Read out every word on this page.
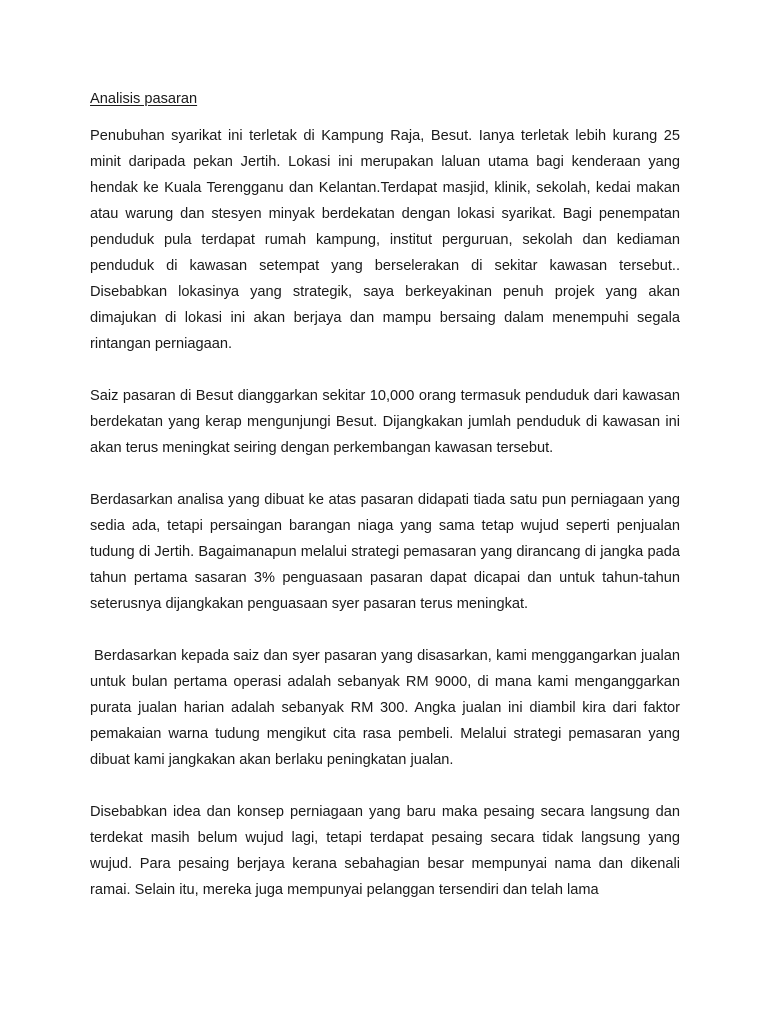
Analisis pasaran

Penubuhan syarikat ini terletak di Kampung Raja, Besut. Ianya terletak lebih kurang 25 minit daripada pekan Jertih. Lokasi ini merupakan laluan utama bagi kenderaan yang hendak ke Kuala Terengganu dan Kelantan.Terdapat masjid, klinik, sekolah, kedai makan atau warung dan stesyen minyak berdekatan dengan lokasi syarikat. Bagi penempatan penduduk pula terdapat rumah kampung, institut perguruan, sekolah dan kediaman penduduk di kawasan setempat yang berselerakan di sekitar kawasan tersebut.. Disebabkan lokasinya yang strategik, saya berkeyakinan penuh projek yang akan dimajukan di lokasi ini akan berjaya dan mampu bersaing dalam menempuhi segala rintangan perniagaan.

Saiz pasaran di Besut dianggarkan sekitar 10,000 orang termasuk penduduk dari kawasan berdekatan yang kerap mengunjungi Besut. Dijangkakan jumlah penduduk di kawasan ini akan terus meningkat seiring dengan perkembangan kawasan tersebut.

Berdasarkan analisa yang dibuat ke atas pasaran didapati tiada satu pun perniagaan yang sedia ada, tetapi persaingan barangan niaga yang sama tetap wujud seperti penjualan tudung di Jertih. Bagaimanapun melalui strategi pemasaran yang dirancang di jangka pada tahun pertama sasaran 3% penguasaan pasaran dapat dicapai dan untuk tahun-tahun seterusnya dijangkakan penguasaan syer pasaran terus meningkat.

Berdasarkan kepada saiz dan syer pasaran yang disasarkan, kami menggangarkan jualan untuk bulan pertama operasi adalah sebanyak RM 9000, di mana kami menganggarkan purata jualan harian adalah sebanyak RM 300. Angka jualan ini diambil kira dari faktor pemakaian warna tudung mengikut cita rasa pembeli. Melalui strategi pemasaran yang dibuat kami jangkakan akan berlaku peningkatan jualan.

Disebabkan idea dan konsep perniagaan yang baru maka pesaing secara langsung dan terdekat masih belum wujud lagi, tetapi terdapat pesaing secara tidak langsung yang wujud. Para pesaing berjaya kerana sebahagian besar mempunyai nama dan dikenali ramai. Selain itu, mereka juga mempunyai pelanggan tersendiri dan telah lama
